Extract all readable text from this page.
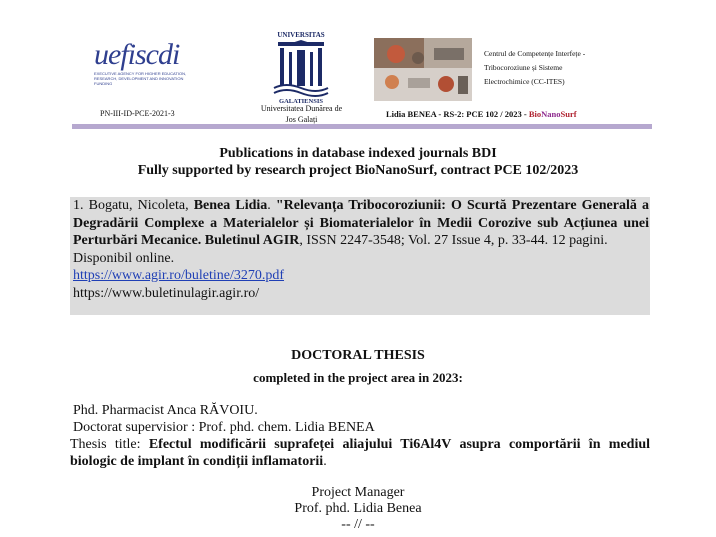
uefiscdi
EXECUTIVE AGENCY FOR HIGHER EDUCATION, RESEARCH, DEVELOPMENT AND INNOVATION FUNDING
PN-III-ID-PCE-2021-3
UNIVERSITAS
GALATIENSIS
Universitatea Dunărea de
Jos Galați
Centrul de Competențe Interfețe -
Tribocoroziune și Sisteme
Electrochimice (CC-ITES)
Lidia BENEA - RS-2: PCE 102 / 2023 - BioNanoSurf
Publications in database indexed journals BDI
Fully supported by research project BioNanoSurf, contract PCE 102/2023
1. Bogatu, Nicoleta, Benea Lidia. "Relevanța Tribocoroziunii: O Scurtă Prezentare Generală a Degradării Complexe a Materialelor și Biomaterialelor în Medii Corozive sub Acțiunea unei Perturbări Mecanice. Buletinul AGIR, ISSN 2247-3548; Vol. 27 Issue 4, p. 33-44. 12 pagini.
Disponibil online.
https://www.agir.ro/buletine/3270.pdf
https://www.buletinulagir.agir.ro/
DOCTORAL THESIS
completed in the project area in 2023:
Phd. Pharmacist Anca RĂVOIU.
Doctorat supervisior : Prof. phd. chem. Lidia BENEA
Thesis title: Efectul modificării suprafeței aliajului Ti6Al4V asupra comportării în mediul biologic de implant în condiții inflamatorii.
Project Manager
Prof. phd. Lidia Benea
-- // --
